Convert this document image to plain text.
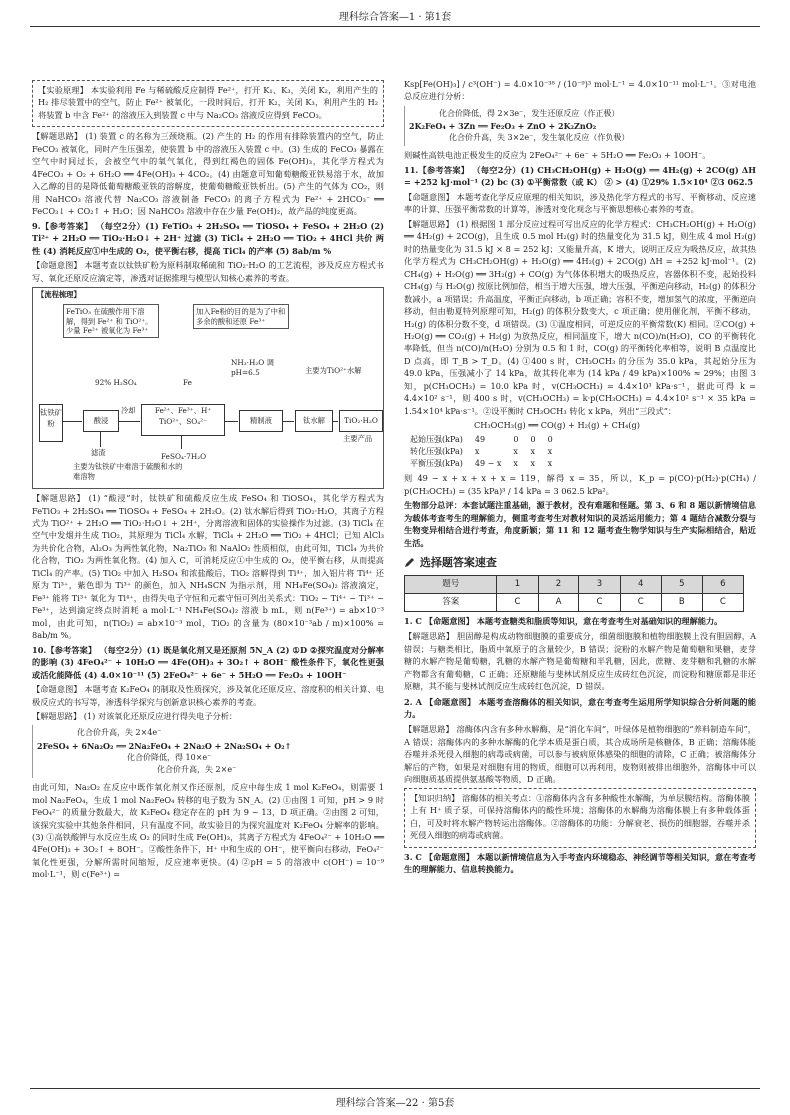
理科综合答案—1 · 第1套

【实验原理】 本实验利用 Fe 与稀硫酸反应制得 Fe²⁺，打开 K₁、K₃，关闭 K₂，利用产生的 H₂ 排尽装置中的空气，防止 Fe²⁺ 被氧化，一段时间后，打开 K₂，关闭 K₃，利用产生的 H₂ 将装置 b 中含 Fe²⁺ 的溶液压入到装置 c 中与 Na₂CO₃ 溶液反应得到 FeCO₃。

【解题思路】 (1) 装置 c 的名称为三颈烧瓶。(2) 产生的 H₂ 的作用有排除装置内的空气，防止 FeCO₃ 被氧化，同时产生压强差，使装置 b 中的溶液压入装置 c 中。(3) 生成的 FeCO₃ 暴露在空气中时间过长，会被空气中的氧气氧化，得到红褐色的固体 Fe(OH)₃，其化学方程式为 4FeCO₃ + O₂ + 6H₂O ══ 4Fe(OH)₃ + 4CO₂。(4) 由题意可知葡萄糖酸亚铁易溶于水，故加入乙醇的目的是降低葡萄糖酸亚铁的溶解度，使葡萄糖酸亚铁析出。(5) 产生的气体为 CO₂，则用 NaHCO₃ 溶液代替 Na₂CO₃ 溶液制备 FeCO₃ 的离子方程式为 Fe²⁺ + 2HCO₃⁻ ══ FeCO₃↓ + CO₂↑ + H₂O；因 NaHCO₃ 溶液中存在少量 Fe(OH)₂，故产品的纯度更高。

9.【参考答案】 （每空2分）(1) FeTiO₃ + 2H₂SO₄ ══ TiOSO₄ + FeSO₄ + 2H₂O (2) Ti²⁺ + 2H₂O ══ TiO₂·H₂O↓ + 2H⁺ 过滤 (3) TiCl₄ + 2H₂O ══ TiO₂ + 4HCl 共价 两性 (4) 消耗反应①中生成的 O₂，使平衡右移，提高 TiCl₄ 的产率 (5) 8ab/m %

【命题意图】 本题考查以钛铁矿粉为原料制取稀硫和 TiO₂·H₂O 的工艺流程，涉及反应方程式书写、氧化还原反应滴定等，渗透对证据推理与模型认知核心素养的考查。

【流程梳理】
FeTiO₃ 在硫酸作用下溶解，得到 Fe²⁺ 和 TiO²⁺。少量 Fe²⁺ 被氧化为 Fe³⁺
加入Fe粉的目的是为了中和多余的酸和还原 Fe³⁺
NH₃·H₂O 调pH=6.5	主要为TiO²⁺水解
92% H₂SO₄	Fe
钛铁矿粉	酸浸
冷却	Fe²⁺、Fe³⁺、H⁺ TiO²⁺、SO₄²⁻	精制液	钛水解	TiO₂·H₂O
主要产品
滤渣
主要为钛铁矿中难溶于硫酸和水的难溶物
FeSO₄·7H₂O

【解题思路】 (1) “酸浸”时，钛铁矿和硫酸反应生成 FeSO₄ 和 TiOSO₄，其化学方程式为 FeTiO₃ + 2H₂SO₄ ══ TiOSO₄ + FeSO₄ + 2H₂O。(2) 钛水解后得到 TiO₂·H₂O，其离子方程式为 TiO²⁺ + 2H₂O ══ TiO₂·H₂O↓ + 2H⁺，分离溶液和固体的实验操作为过滤。(3) TiCl₄ 在空气中发烟并生成 TiO₂，其原理为 TiCl₄ 水解，TiCl₄ + 2H₂O ══ TiO₂ + 4HCl；已知 AlCl₃ 为共价化合物，Al₂O₃ 为两性氧化物，Na₂TiO₃ 和 NaAlO₂ 性质相似，由此可知，TiCl₄ 为共价化合物，TiO₂ 为两性氧化物。(4) 加入 C，可消耗反应①中生成的 O₂，使平衡右移，从而提高 TiCl₄ 的产率。(5) TiO₂ 中加入 H₂SO₄ 和浓盐酸后，TiO₂ 溶解得到 Ti⁴⁺，加入铝片将 Ti⁴⁺ 还原为 Ti³⁺，紫色即为 Ti³⁺ 的颜色，加入 NH₄SCN 为指示剂，用 NH₄Fe(SO₄)₂ 溶液滴定，Fe³⁺ 能将 Ti³⁺ 氧化为 Ti⁴⁺，由得失电子守恒和元素守恒可列出关系式：TiO₂ ~ Ti⁴⁺ ~ Ti³⁺ ~ Fe³⁺，达到滴定终点时消耗 a mol·L⁻¹ NH₄Fe(SO₄)₂ 溶液 b mL，则 n(Fe³⁺) = ab×10⁻³ mol，由此可知，n(TiO₂) = ab×10⁻³ mol，TiO₂ 的含量为 (80×10⁻³ab / m)×100% = 8ab/m %。

10.【参考答案】 （每空2分）(1) 既是氧化剂又是还原剂 5N_A (2) ①D ②探究温度对分解率的影响 (3) 4FeO₄²⁻ + 10H₂O ══ 4Fe(OH)₃ + 3O₂↑ + 8OH⁻ 酸性条件下，氧化性更强或活化能降低 (4) 4.0×10⁻¹¹ (5) 2FeO₄²⁻ + 6e⁻ + 5H₂O ══ Fe₂O₃ + 10OH⁻

【命题意图】 本题考查 K₂FeO₄ 的制取及性质探究，涉及氧化还原反应、溶度积的相关计算、电极反应式的书写等，渗透科学探究与创新意识核心素养的考查。

【解题思路】 (1) 对该氧化还原反应进行得失电子分析：

化合价升高，失 2×4e⁻
2FeSO₄ + 6Na₂O₂ ══ 2Na₂FeO₄ + 2Na₂O + 2Na₂SO₄ + O₂↑
化合价降低，得 10×e⁻
化合价升高，失 2×e⁻

由此可知，Na₂O₂ 在反应中既作氧化剂又作还原剂，反应中每生成 1 mol K₂FeO₄，则需要 1 mol Na₂FeO₄，生成 1 mol Na₂FeO₄ 转移的电子数为 5N_A。(2) ①由图 1 可知，pH > 9 时 FeO₄²⁻ 的质量分数最大，故 K₂FeO₄ 稳定存在的 pH 为 9 ~ 13，D 项正确。②由图 2 可知，该探究实验中其他条件相同，只有温度不同，故实验目的为探究温度对 K₂FeO₄ 分解率的影响。(3) ①高铁酸钾与水反应生成 O₂ 的同时生成 Fe(OH)₃，其离子方程式为 4FeO₄²⁻ + 10H₂O ══ 4Fe(OH)₃ + 3O₂↑ + 8OH⁻。②酸性条件下，H⁺ 中和生成的 OH⁻，使平衡向右移动，FeO₄²⁻ 氧化性更强，分解所需时间缩短，反应速率更快。(4) ②pH = 5 的溶液中 c(OH⁻) = 10⁻⁹ mol·L⁻¹，则 c(Fe³⁺) =

Ksp[Fe(OH)₃] / c³(OH⁻) = 4.0×10⁻³⁸ / (10⁻⁹)³ mol·L⁻¹ = 4.0×10⁻¹¹ mol·L⁻¹。③对电池总反应进行分析：

化合价降低，得 2×3e⁻，发生还原反应（作正极）
2K₂FeO₄ + 3Zn ══ Fe₂O₃ + ZnO + 2K₂ZnO₂
化合价升高，失 3×2e⁻，发生氧化反应（作负极）

则碱性高铁电池正极发生的反应为 2FeO₄²⁻ + 6e⁻ + 5H₂O ══ Fe₂O₃ + 10OH⁻。

11.【参考答案】 （每空2分）(1) CH₃CH₂OH(g) + H₂O(g) ══ 4H₂(g) + 2CO(g) ΔH = +252 kJ·mol⁻¹ (2) bc (3) ①平衡常数（或 K） ② > (4) ①29% 1.5×10⁴ ②3 062.5

【命题意图】 本题考查化学反应原理的相关知识，涉及热化学方程式的书写、平衡移动、反应速率的计算、压强平衡常数的计算等，渗透对变化观念与平衡思想核心素养的考查。

【解题思路】 (1) 根据图 1 部分反应过程可写出反应的化学方程式：CH₃CH₂OH(g) + H₂O(g) ══ 4H₂(g) + 2CO(g)，且生成 0.5 mol H₂(g) 时的热量变化为 31.5 kJ，则生成 4 mol H₂(g) 时的热量变化为 31.5 kJ × 8 = 252 kJ；又能量升高，K 增大，说明正反应为吸热反应，故其热化学方程式为 CH₃CH₂OH(g) + H₂O(g) ══ 4H₂(g) + 2CO(g) ΔH = +252 kJ·mol⁻¹。(2) CH₄(g) + H₂O(g) ══ 3H₂(g) + CO(g) 为气体体积增大的吸热反应，容器体积不变，起始投料 CH₄(g) 与 H₂O(g) 按原比例加倍，相当于增大压强，增大压强，平衡逆向移动，H₂(g) 的体积分数减小，a 项错误；升高温度，平衡正向移动，b 项正确；容积不变，增加氢气的浓度，平衡逆向移动，但由勒夏特列原理可知，H₂(g) 的体积分数变大，c 项正确；使用催化剂，平衡不移动，H₂(g) 的体积分数不变，d 项错误。(3) ①温度相同，可逆反应的平衡常数(K) 相同。②CO(g) + H₂O(g) ══ CO₂(g) + H₂(g) 为放热反应，相同温度下，增大 n(CO)/n(H₂O)，CO 的平衡转化率降低，但当 n(CO)/n(H₂O) 分别为 0.5 和 1 时，CO(g) 的平衡转化率相等，说明 B 点温度比 D 点高，即 T_B > T_D。(4) ①400 s 时，CH₃OCH₃ 的分压为 35.0 kPa，其起始分压为 49.0 kPa，压强减小了 14 kPa，故其转化率为 (14 kPa / 49 kPa)×100% ≈ 29%；由图 3 知，p(CH₃OCH₃) = 10.0 kPa 时，v(CH₃OCH₃) = 4.4×10³ kPa·s⁻¹，据此可得 k = 4.4×10² s⁻¹，则 400 s 时，v(CH₃OCH₃) = k·p(CH₃OCH₃) = 4.4×10² s⁻¹ × 35 kPa = 1.54×10⁴ kPa·s⁻¹。②设平衡时 CH₃OCH₃ 转化 x kPa，列出“三段式”：

CH₃OCH₃(g) ══ CO(g) + H₂(g) + CH₄(g)
起始压强(kPa)	49	0	0	0
转化压强(kPa)	x	x	x	x
平衡压强(kPa)	49 − x	x	x	x

则 49 − x + x + x + x = 119，解得 x = 35，所以，K_p = p(CO)·p(H₂)·p(CH₄) / p(CH₃OCH₃) = (35 kPa)³ / 14 kPa = 3 062.5 kPa²。

生物部分总评：本套试题注重基础，源于教材，没有难题和怪题。第 3、6 和 8 题以新情境信息为载体考查考生的理解能力，侧重考查考生对教材知识的灵活运用能力；第 4 题结合减数分裂与生物变异相结合进行考查，角度新颖；第 11 和 12 题考查生物学知识与生产实际相结合，贴近生活。

选择题答案速查
题号	1	2	3	4	5	6
答案	C	A	C	C	B	C

1. C 【命题意图】 本题考查糖类和脂质等知识，意在考查考生对基础知识的理解能力。

【解题思路】 胆固醇是构成动物细胞膜的重要成分，细菌细胞膜和植物细胞膜上没有胆固醇，A 错误；与糖类相比，脂质中氧原子的含量较少，B 错误；淀粉的水解产物是葡萄糖和果糖，麦芽糖的水解产物是葡萄糖，乳糖的水解产物是葡萄糖和半乳糖，因此，蔗糖、麦芽糖和乳糖的水解产物都含有葡萄糖，C 正确；还原糖能与斐林试剂反应生成砖红色沉淀，而淀粉和糖原都是非还原糖，其不能与斐林试剂反应生成砖红色沉淀，D 错误。

2. A 【命题意图】 本题考查溶酶体的相关知识，意在考查考生运用所学知识综合分析问题的能力。

【解题思路】 溶酶体内含有多种水解酶，是“消化车间”，叶绿体是植物细胞的“养料制造车间”，A 错误；溶酶体内的多种水解酶的化学本质是蛋白质，其合成场所是核糖体，B 正确；溶酶体能吞噬并杀死侵入细胞的病毒或病菌，可以参与被病原体感染的细胞的清除，C 正确；被溶酶体分解后的产物，如果是对细胞有用的物质，细胞可以再利用，废物则被排出细胞外，溶酶体中可以向细胞质基质提供氨基酸等物质，D 正确。

【知识归纳】 溶酶体的相关考点：①溶酶体内含有多种酸性水解酶，为单层膜结构。溶酶体膜上有 H⁺ 质子泵，可保持溶酶体内的酸性环境；溶酶体的水解酶为溶酶体膜上有多种载体蛋白，可及时将水解产物转运出溶酶体。②溶酶体的功能：分解衰老、损伤的细胞器，吞噬并杀死侵入细胞的病毒或病菌。

3. C 【命题意图】 本题以新情境信息为入手考查内环境稳态、神经调节等相关知识，意在考查考生的理解能力、信息转换能力。

理科综合答案—22 · 第5套
